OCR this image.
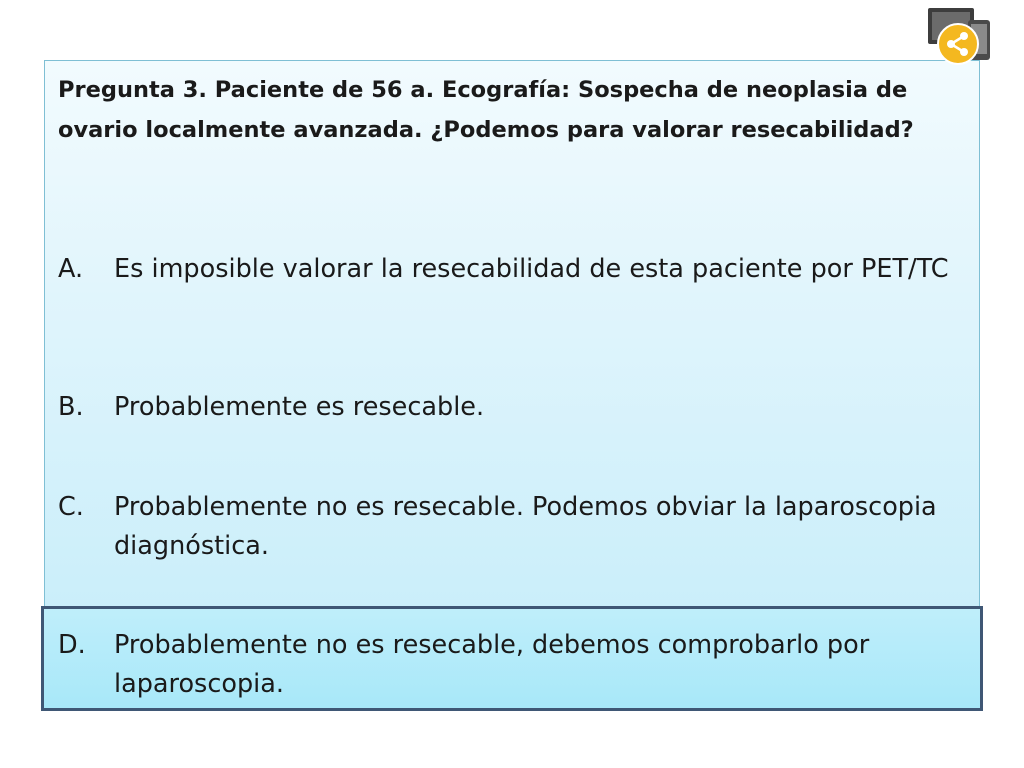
Pregunta 3. Paciente de 56 a. Ecografía: Sospecha de neoplasia de ovario localmente avanzada. ¿Podemos para valorar resecabilidad?

A.	Es imposible valorar la resecabilidad de esta paciente por PET/TC
B.	Probablemente es resecable.
C.	Probablemente no es resecable. Podemos obviar la laparoscopia diagnóstica.
D.	Probablemente no es resecable, debemos comprobarlo por laparoscopia.
